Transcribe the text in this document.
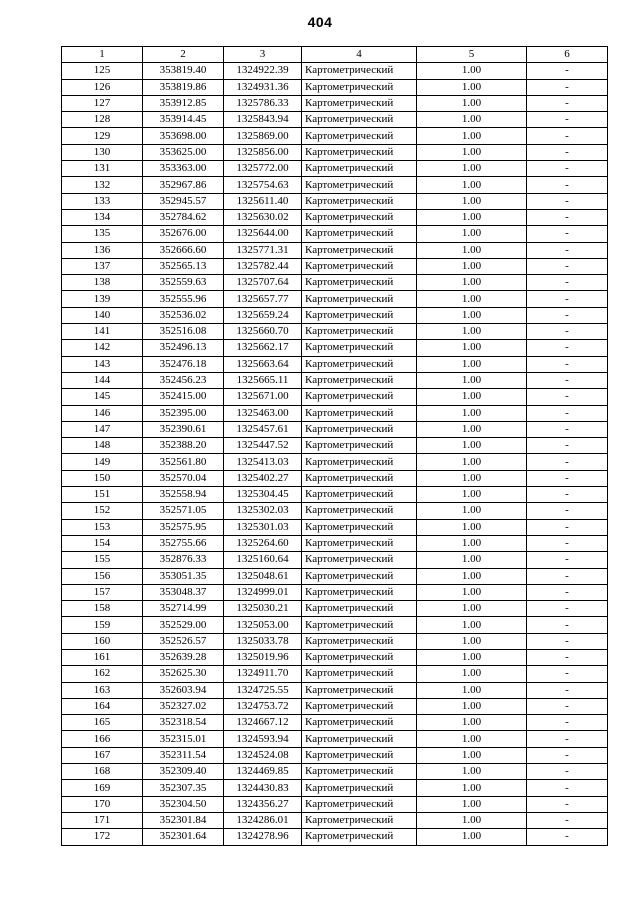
404
1	2	3	4	5	6
125	353819.40	1324922.39	Картометрический	1.00	-
126	353819.86	1324931.36	Картометрический	1.00	-
127	353912.85	1325786.33	Картометрический	1.00	-
128	353914.45	1325843.94	Картометрический	1.00	-
129	353698.00	1325869.00	Картометрический	1.00	-
130	353625.00	1325856.00	Картометрический	1.00	-
131	353363.00	1325772.00	Картометрический	1.00	-
132	352967.86	1325754.63	Картометрический	1.00	-
133	352945.57	1325611.40	Картометрический	1.00	-
134	352784.62	1325630.02	Картометрический	1.00	-
135	352676.00	1325644.00	Картометрический	1.00	-
136	352666.60	1325771.31	Картометрический	1.00	-
137	352565.13	1325782.44	Картометрический	1.00	-
138	352559.63	1325707.64	Картометрический	1.00	-
139	352555.96	1325657.77	Картометрический	1.00	-
140	352536.02	1325659.24	Картометрический	1.00	-
141	352516.08	1325660.70	Картометрический	1.00	-
142	352496.13	1325662.17	Картометрический	1.00	-
143	352476.18	1325663.64	Картометрический	1.00	-
144	352456.23	1325665.11	Картометрический	1.00	-
145	352415.00	1325671.00	Картометрический	1.00	-
146	352395.00	1325463.00	Картометрический	1.00	-
147	352390.61	1325457.61	Картометрический	1.00	-
148	352388.20	1325447.52	Картометрический	1.00	-
149	352561.80	1325413.03	Картометрический	1.00	-
150	352570.04	1325402.27	Картометрический	1.00	-
151	352558.94	1325304.45	Картометрический	1.00	-
152	352571.05	1325302.03	Картометрический	1.00	-
153	352575.95	1325301.03	Картометрический	1.00	-
154	352755.66	1325264.60	Картометрический	1.00	-
155	352876.33	1325160.64	Картометрический	1.00	-
156	353051.35	1325048.61	Картометрический	1.00	-
157	353048.37	1324999.01	Картометрический	1.00	-
158	352714.99	1325030.21	Картометрический	1.00	-
159	352529.00	1325053.00	Картометрический	1.00	-
160	352526.57	1325033.78	Картометрический	1.00	-
161	352639.28	1325019.96	Картометрический	1.00	-
162	352625.30	1324911.70	Картометрический	1.00	-
163	352603.94	1324725.55	Картометрический	1.00	-
164	352327.02	1324753.72	Картометрический	1.00	-
165	352318.54	1324667.12	Картометрический	1.00	-
166	352315.01	1324593.94	Картометрический	1.00	-
167	352311.54	1324524.08	Картометрический	1.00	-
168	352309.40	1324469.85	Картометрический	1.00	-
169	352307.35	1324430.83	Картометрический	1.00	-
170	352304.50	1324356.27	Картометрический	1.00	-
171	352301.84	1324286.01	Картометрический	1.00	-
172	352301.64	1324278.96	Картометрический	1.00	-
